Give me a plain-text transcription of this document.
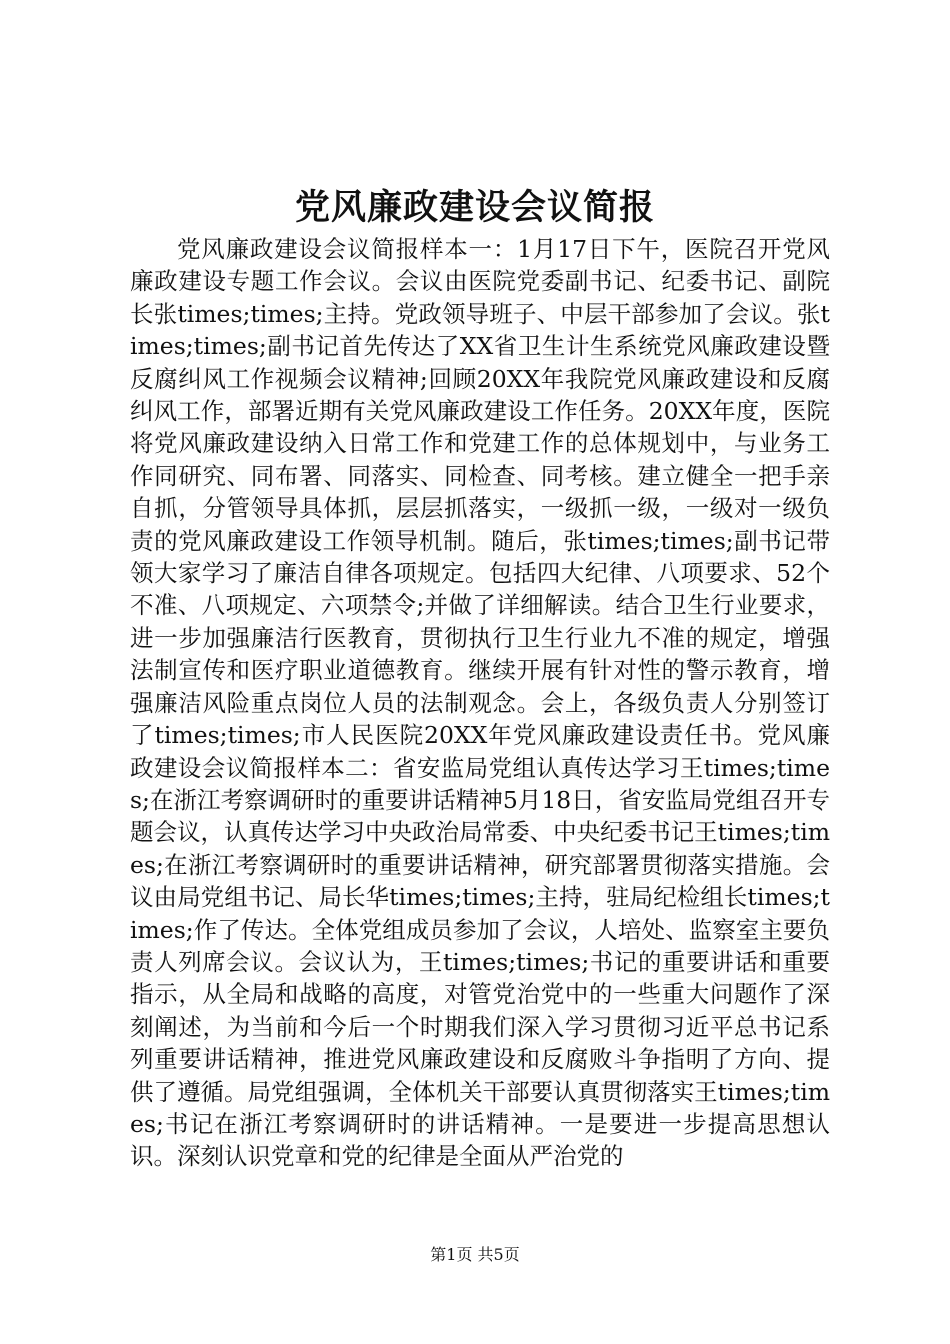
党风廉政建设会议简报

党风廉政建设会议简报样本一：1月17日下午，医院召开党风廉政建设专题工作会议。会议由医院党委副书记、纪委书记、副院长张times;times;主持。党政领导班子、中层干部参加了会议。张times;times;副书记首先传达了XX省卫生计生系统党风廉政建设暨反腐纠风工作视频会议精神;回顾20XX年我院党风廉政建设和反腐纠风工作，部署近期有关党风廉政建设工作任务。20XX年度，医院将党风廉政建设纳入日常工作和党建工作的总体规划中，与业务工作同研究、同布署、同落实、同检查、同考核。建立健全一把手亲自抓，分管领导具体抓，层层抓落实，一级抓一级，一级对一级负责的党风廉政建设工作领导机制。随后，张times;times;副书记带领大家学习了廉洁自律各项规定。包括四大纪律、八项要求、52个不准、八项规定、六项禁令;并做了详细解读。结合卫生行业要求，进一步加强廉洁行医教育，贯彻执行卫生行业九不准的规定，增强法制宣传和医疗职业道德教育。继续开展有针对性的警示教育，增强廉洁风险重点岗位人员的法制观念。会上，各级负责人分别签订了times;times;市人民医院20XX年党风廉政建设责任书。党风廉政建设会议简报样本二：省安监局党组认真传达学习王times;times;在浙江考察调研时的重要讲话精神5月18日，省安监局党组召开专题会议，认真传达学习中央政治局常委、中央纪委书记王times;times;在浙江考察调研时的重要讲话精神，研究部署贯彻落实措施。会议由局党组书记、局长华times;times;主持，驻局纪检组长times;times;作了传达。全体党组成员参加了会议，人培处、监察室主要负责人列席会议。会议认为，王times;times;书记的重要讲话和重要指示，从全局和战略的高度，对管党治党中的一些重大问题作了深刻阐述，为当前和今后一个时期我们深入学习贯彻习近平总书记系列重要讲话精神，推进党风廉政建设和反腐败斗争指明了方向、提供了遵循。局党组强调，全体机关干部要认真贯彻落实王times;times;书记在浙江考察调研时的讲话精神。一是要进一步提高思想认识。深刻认识党章和党的纪律是全面从严治党的

第1页 共5页
